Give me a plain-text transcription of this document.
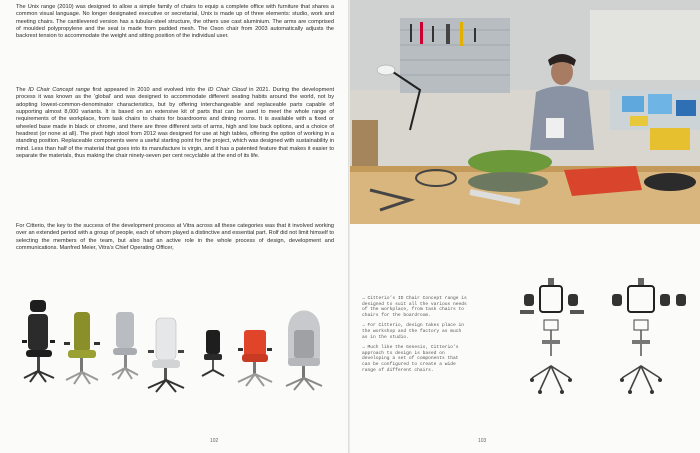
The Unix range (2010) was designed to allow a simple family of chairs to equip a complete office with furniture that shares a common visual language. No longer designated executive or secretarial, Unix is made up of three elements: studio, work and meeting chairs. The cantilevered version has a tubular-steel structure, the others use cast aluminium. The arms are comprised of moulded polypropylene and the seat is made from padded mesh. The Oson chair from 2003 automatically adjusts the backrest tension to accommodate the weight and sitting position of the individual user.

The ID Chair Concept range first appeared in 2010 and evolved into the ID Chair Cloud in 2021. During the development process it was known as the ‘global’ and was designed to accommodate different seating habits around the world, not by adopting lowest-common-denominator characteristics, but by offering interchangeable and replaceable parts capable of supporting almost 8,000 variants. It is based on an extensive kit of parts that can be used to meet the whole range of requirements of the workplace, from task chairs to chairs for boardrooms and dining rooms. It is available with a fixed or wheeled base made in black or chrome, and there are three different sets of arms, high and low back options, and a choice of headrest (or none at all). The pivot high stool from 2012 was designed for use at high tables, offering the option of working in a standing position. Replaceable components were a useful starting point for the project, which was designed with sustainability in mind. Less than half of the material that goes into its manufacture is virgin, and it has a patented feature that makes it easier to separate the materials, thus making the chair ninety-seven per cent recyclable at the end of its life.

For Citterio, the key to the success of the development process at Vitra across all these categories was that it involved working over an extended period with a group of people, each of whom played a distinctive and essential part. Rolf did not limit himself to selecting the members of the team, but also had an active role in the whole process of design, development and communications. Manfred Meier, Vitra’s Chief Operating Officer,

102

→ Citterio’s ID Chair Concept range is designed to suit all the various needs of the workplace, from task chairs to chairs for the boardroom.

→ For Citterio, design takes place in the workshop and the factory as much as in the studio.

→ Much like the Genesis, Citterio’s approach to design is based on developing a set of components that can be configured to create a wide range of different chairs.

103
